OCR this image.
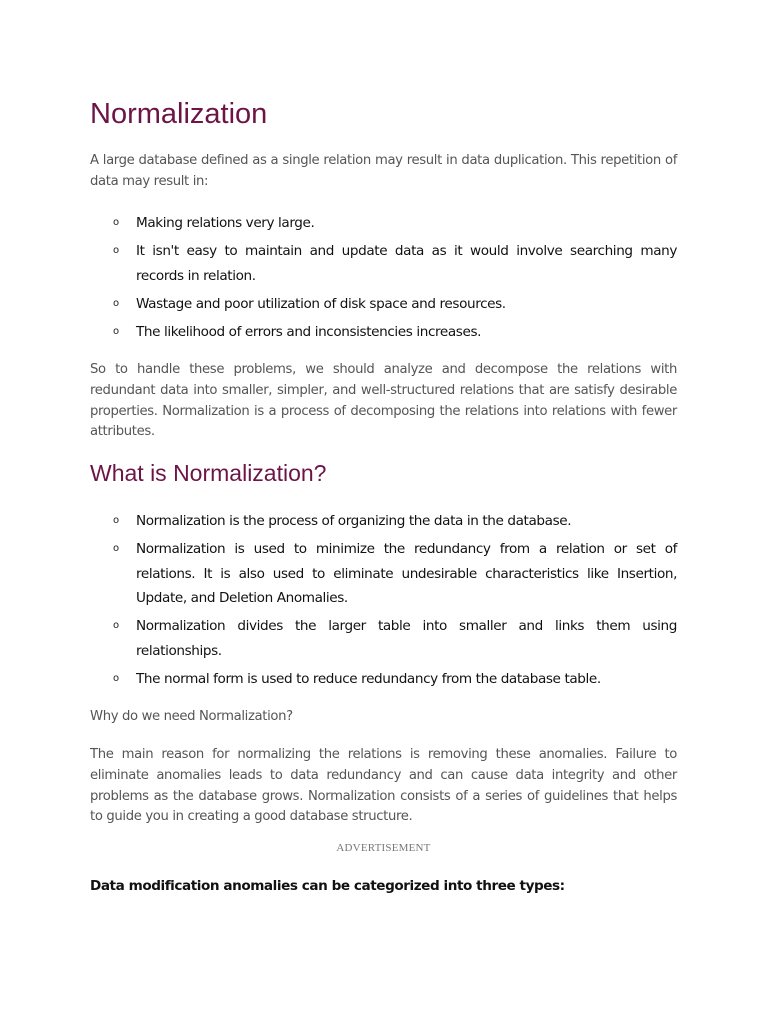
Normalization

A large database defined as a single relation may result in data duplication. This repetition of data may result in:

o Making relations very large.
o It isn't easy to maintain and update data as it would involve searching many records in relation.
o Wastage and poor utilization of disk space and resources.
o The likelihood of errors and inconsistencies increases.

So to handle these problems, we should analyze and decompose the relations with redundant data into smaller, simpler, and well-structured relations that are satisfy desirable properties. Normalization is a process of decomposing the relations into relations with fewer attributes.

What is Normalization?
o Normalization is the process of organizing the data in the database.
o Normalization is used to minimize the redundancy from a relation or set of relations. It is also used to eliminate undesirable characteristics like Insertion, Update, and Deletion Anomalies.
o Normalization divides the larger table into smaller and links them using relationships.
o The normal form is used to reduce redundancy from the database table.

Why do we need Normalization?

The main reason for normalizing the relations is removing these anomalies. Failure to eliminate anomalies leads to data redundancy and can cause data integrity and other problems as the database grows. Normalization consists of a series of guidelines that helps to guide you in creating a good database structure.

ADVERTISEMENT

Data modification anomalies can be categorized into three types:
